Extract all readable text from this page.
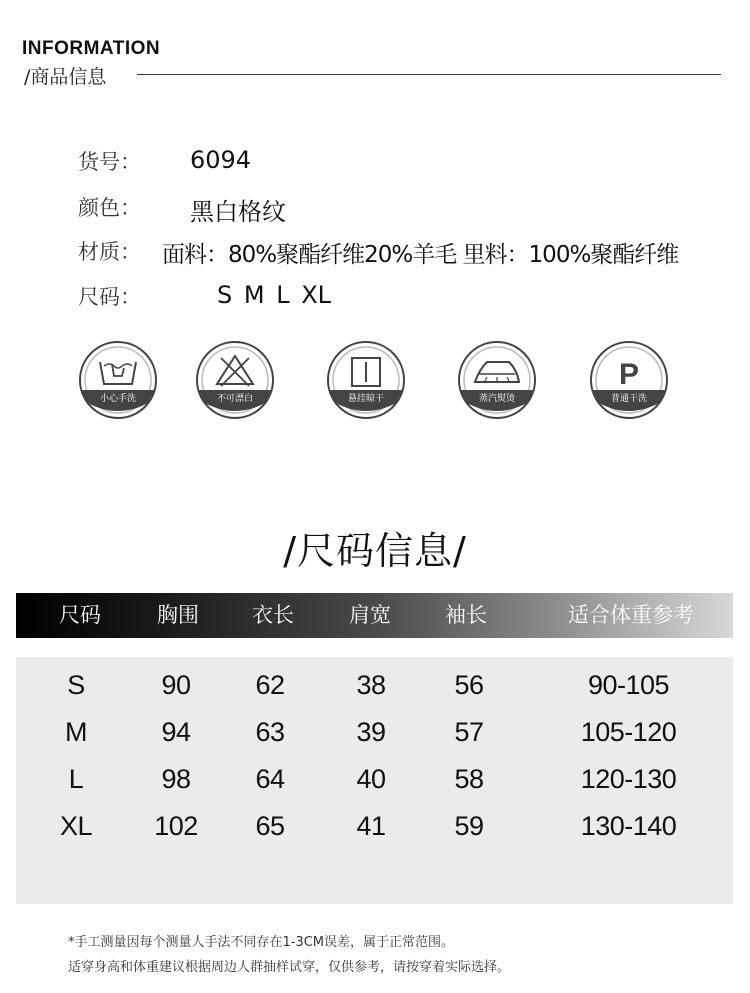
INFORMATION
/商品信息
货号： 6094
颜色： 黑白格纹
材质： 面料：80%聚酯纤维20%羊毛 里料：100%聚酯纤维
尺码：	S M L XL
小心手洗	不可漂白	悬挂晾干	蒸汽熨烫
P
普通干洗
/尺码信息/
尺码	胸围	衣长	肩宽	袖长	适合体重参考
S	90	62	38	56	90-105
M	94	63	39	57	105-120
L	98	64	40	58	120-130
XL	102	65	41	59	130-140
*手工测量因每个测量人手法不同存在1-3CM误差，属于正常范围。
适穿身高和体重建议根据周边人群抽样试穿，仅供参考，请按穿着实际选择。
